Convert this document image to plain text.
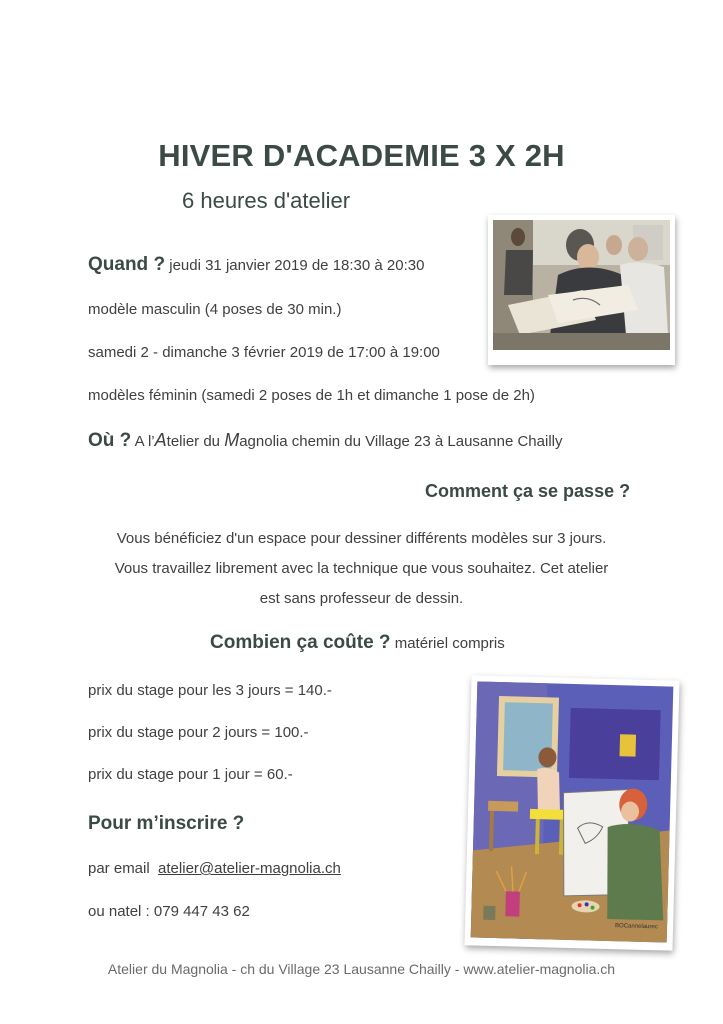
HIVER D'ACADEMIE 3 X 2H
6 heures d'atelier
Quand ? jeudi 31 janvier 2019 de 18:30 à 20:30
modèle masculin (4 poses de 30 min.)
samedi 2 - dimanche 3 février 2019 de 17:00 à 19:00
modèles féminin (samedi 2 poses de 1h et dimanche 1 pose de 2h)
Où ? A l’Atelier du Magnolia chemin du Village 23 à Lausanne Chailly
Comment ça se passe ?
Vous bénéficiez d'un espace pour dessiner différents modèles sur 3 jours.
Vous travaillez librement avec la technique que vous souhaitez. Cet atelier
est sans professeur de dessin.
Combien ça coûte ? matériel compris
prix du stage pour les 3 jours = 140.-
prix du stage pour 2 jours = 100.-
prix du stage pour 1 jour = 60.-
BOCannelaurec
Pour m’inscrire ?
par email atelier@atelier-magnolia.ch
ou natel : 079 447 43 62
Atelier du Magnolia - ch du Village 23 Lausanne Chailly - www.atelier-magnolia.ch
